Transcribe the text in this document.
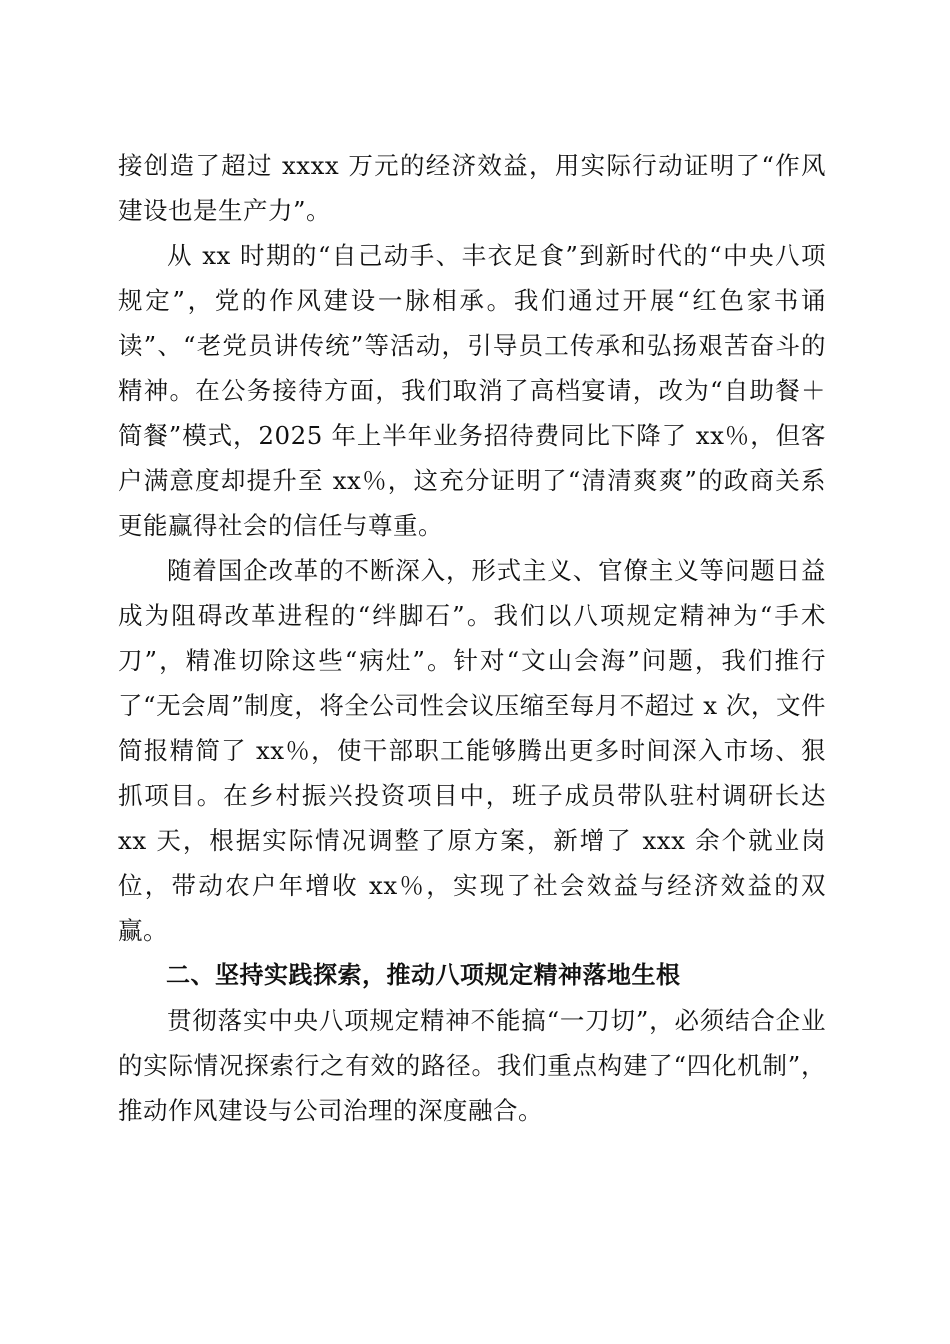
接创造了超过 xxxx 万元的经济效益，用实际行动证明了“作风建设也是生产力”。

从 xx 时期的“自己动手、丰衣足食”到新时代的“中央八项规定”，党的作风建设一脉相承。我们通过开展“红色家书诵读”、“老党员讲传统”等活动，引导员工传承和弘扬艰苦奋斗的精神。在公务接待方面，我们取消了高档宴请，改为“自助餐＋简餐”模式，2025 年上半年业务招待费同比下降了 xx％，但客户满意度却提升至 xx％，这充分证明了“清清爽爽”的政商关系更能赢得社会的信任与尊重。

随着国企改革的不断深入，形式主义、官僚主义等问题日益成为阻碍改革进程的“绊脚石”。我们以八项规定精神为“手术刀”，精准切除这些“病灶”。针对“文山会海”问题，我们推行了“无会周”制度，将全公司性会议压缩至每月不超过 x 次，文件简报精简了 xx％，使干部职工能够腾出更多时间深入市场、狠抓项目。在乡村振兴投资项目中，班子成员带队驻村调研长达 xx 天，根据实际情况调整了原方案，新增了 xxx 余个就业岗位，带动农户年增收 xx％，实现了社会效益与经济效益的双赢。

二、坚持实践探索，推动八项规定精神落地生根

贯彻落实中央八项规定精神不能搞“一刀切”，必须结合企业的实际情况探索行之有效的路径。我们重点构建了“四化机制”，推动作风建设与公司治理的深度融合。
